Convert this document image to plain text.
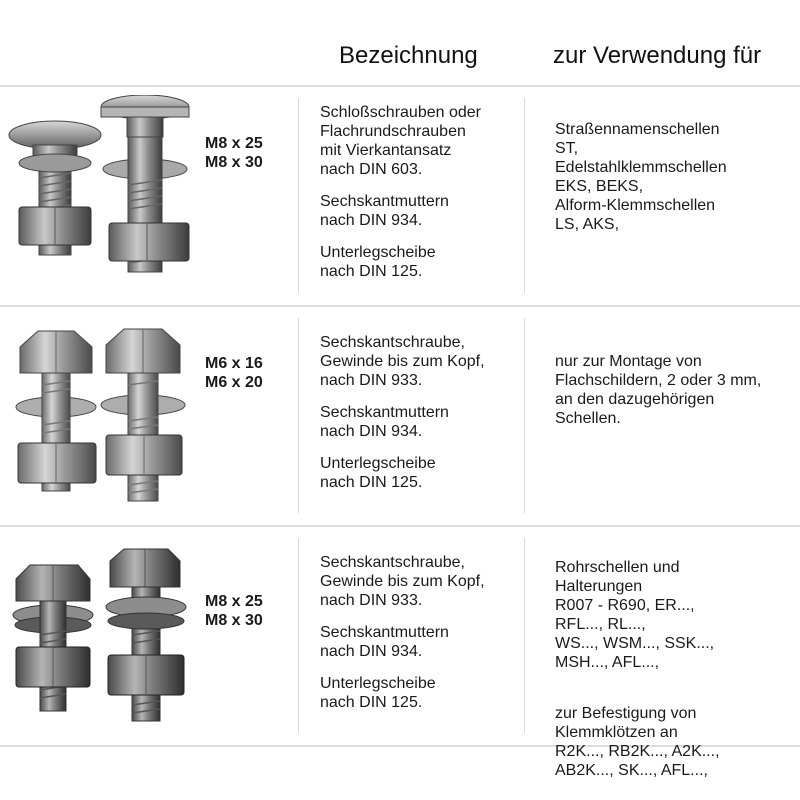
Bezeichnung	zur Verwendung für
M8 x 25
M8 x 30

Schloßschrauben oder
Flachrundschrauben
mit Vierkantansatz
nach DIN 603.

Sechskantmuttern
nach DIN 934.

Unterlegscheibe
nach DIN 125.

Straßennamenschellen
ST,
Edelstahlklemmschellen
EKS, BEKS,
Alform-Klemmschellen
LS, AKS,

M6 x 16
M6 x 20

Sechskantschraube,
Gewinde bis zum Kopf,
nach DIN 933.

Sechskantmuttern
nach DIN 934.

Unterlegscheibe
nach DIN 125.

nur zur Montage von
Flachschildern, 2 oder 3 mm,
an den dazugehörigen
Schellen.

M8 x 25
M8 x 30

Sechskantschraube,
Gewinde bis zum Kopf,
nach DIN 933.

Sechskantmuttern
nach DIN 934.

Unterlegscheibe
nach DIN 125.

Rohrschellen und
Halterungen
R007 - R690, ER...,
RFL..., RL...,
WS..., WSM..., SSK...,
MSH..., AFL...,

zur Befestigung von
Klemmklötzen an
R2K..., RB2K..., A2K...,
AB2K..., SK..., AFL...,
